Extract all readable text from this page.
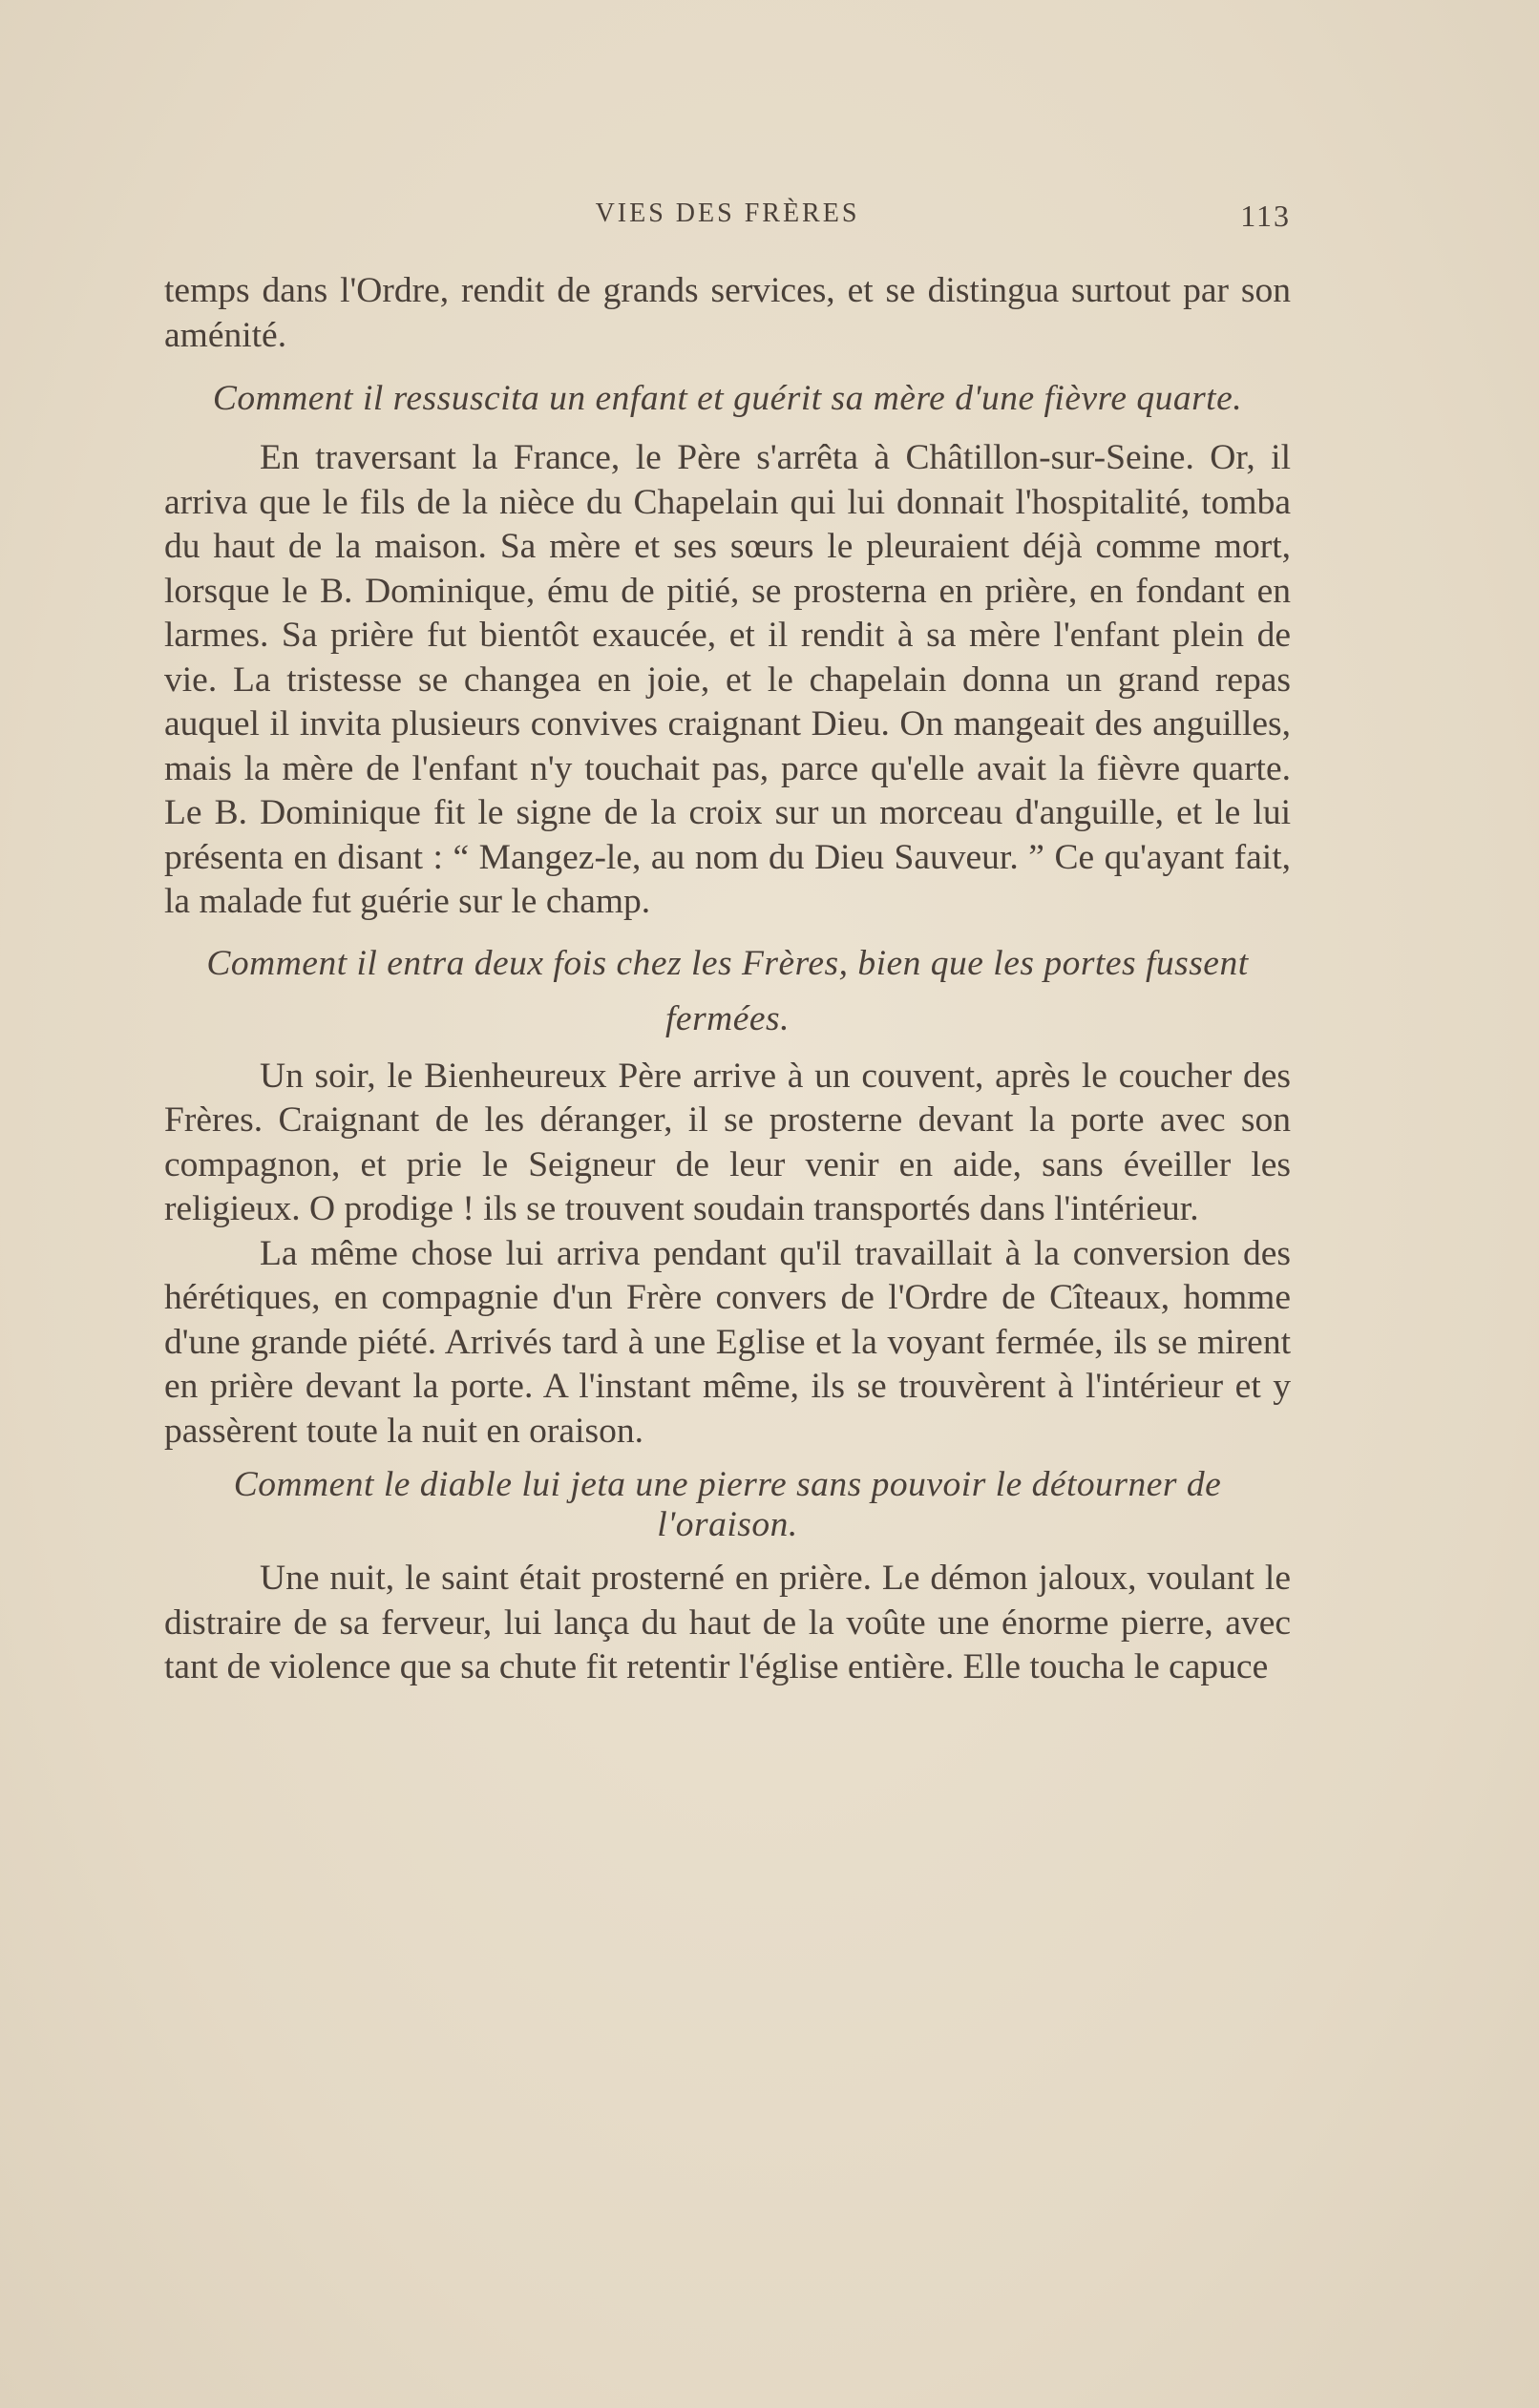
VIES DES FRÈRES	113

temps dans l'Ordre, rendit de grands services, et se distingua surtout par son aménité.

Comment il ressuscita un enfant et guérit sa mère d'une fièvre quarte.

En traversant la France, le Père s'arrêta à Châtillon-sur-Seine. Or, il arriva que le fils de la nièce du Chapelain qui lui donnait l'hospitalité, tomba du haut de la maison. Sa mère et ses sœurs le pleuraient déjà comme mort, lorsque le B. Dominique, ému de pitié, se prosterna en prière, en fondant en larmes. Sa prière fut bientôt exaucée, et il rendit à sa mère l'enfant plein de vie. La tristesse se changea en joie, et le chapelain donna un grand repas auquel il invita plusieurs convives craignant Dieu. On mangeait des anguilles, mais la mère de l'enfant n'y touchait pas, parce qu'elle avait la fièvre quarte. Le B. Dominique fit le signe de la croix sur un morceau d'anguille, et le lui présenta en disant : “ Mangez-le, au nom du Dieu Sauveur. ” Ce qu'ayant fait, la malade fut guérie sur le champ.

Comment il entra deux fois chez les Frères, bien que les portes fussent fermées.

Un soir, le Bienheureux Père arrive à un couvent, après le coucher des Frères. Craignant de les déranger, il se prosterne devant la porte avec son compagnon, et prie le Seigneur de leur venir en aide, sans éveiller les religieux. O prodige ! ils se trouvent soudain transportés dans l'intérieur.

La même chose lui arriva pendant qu'il travaillait à la conversion des hérétiques, en compagnie d'un Frère convers de l'Ordre de Cîteaux, homme d'une grande piété. Arrivés tard à une Eglise et la voyant fermée, ils se mirent en prière devant la porte. A l'instant même, ils se trouvèrent à l'intérieur et y passèrent toute la nuit en oraison.

Comment le diable lui jeta une pierre sans pouvoir le détourner de l'oraison.

Une nuit, le saint était prosterné en prière. Le démon jaloux, voulant le distraire de sa ferveur, lui lança du haut de la voûte une énorme pierre, avec tant de violence que sa chute fit retentir l'église entière. Elle toucha le capuce
